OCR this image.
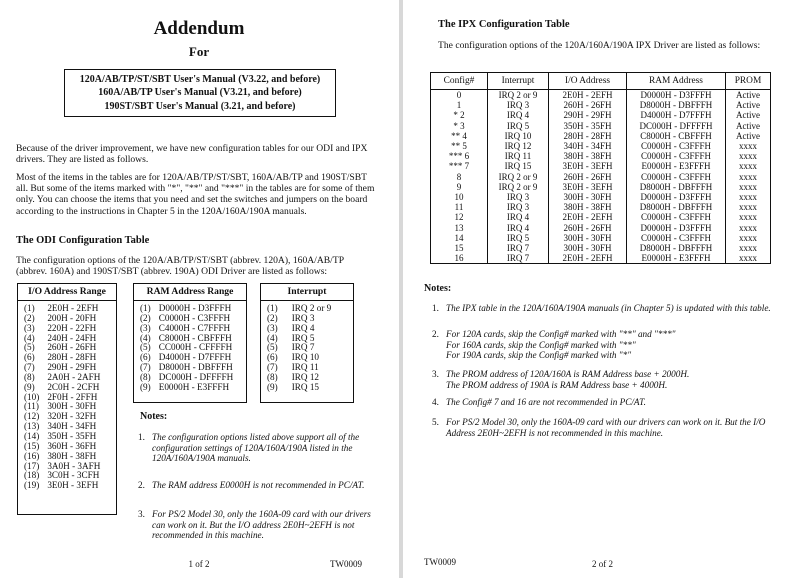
Addendum
For
120A/AB/TP/ST/SBT User's Manual (V3.22, and before)
160A/AB/TP User's Manual (V3.21, and before)
190ST/SBT User's Manual (3.21, and before)
Because of the driver improvement, we have new configuration tables for our ODI and IPX drivers. They are listed as follows.
Most of the items in the tables are for 120A/AB/TP/ST/SBT, 160A/AB/TP and 190ST/SBT all. But some of the items marked with "*", "**" and "***" in the tables are for some of them only. You can choose the items that you need and set the switches and jumpers on the board according to the instructions in Chapter 5 in the 120A/160A/190A manuals.
The ODI Configuration Table
The configuration options of the 120A/AB/TP/ST/SBT (abbrev. 120A), 160A/AB/TP (abbrev. 160A) and 190ST/SBT (abbrev. 190A) ODI Driver are listed as follows:
I/O Address Range
(1)	2E0H - 2EFH
(2)	200H - 20FH
(3)	220H - 22FH
(4)	240H - 24FH
(5)	260H - 26FH
(6)	280H - 28FH
(7)	290H - 29FH
(8)	2A0H - 2AFH
(9)	2C0H - 2CFH
(10)	2F0H - 2FFH
(11)	300H - 30FH
(12)	320H - 32FH
(13)	340H - 34FH
(14)	350H - 35FH
(15)	360H - 36FH
(16)	380H - 38FH
(17)	3A0H - 3AFH
(18)	3C0H - 3CFH
(19)	3E0H - 3EFH
RAM Address Range
(1)	D0000H - D3FFFH
(2)	C0000H - C3FFFH
(3)	C4000H - C7FFFH
(4)	C8000H - CBFFFH
(5)	CC000H - CFFFFH
(6)	D4000H - D7FFFH
(7)	D8000H - DBFFFH
(8)	DC000H - DFFFFH
(9)	E0000H - E3FFFH
Interrupt
(1)	IRQ 2 or 9
(2)	IRQ 3
(3)	IRQ 4
(4)	IRQ 5
(5)	IRQ 7
(6)	IRQ 10
(7)	IRQ 11
(8)	IRQ 12
(9)	IRQ 15
Notes:
1. The configuration options listed above support all of the configuration settings of 120A/160A/190A listed in the 120A/160A/190A manuals.
2. The RAM address E0000H is not recommended in PC/AT.
3. For PS/2 Model 30, only the 160A-09 card with our drivers can work on it. But the I/O address 2E0H~2EFH is not recommended in this machine.
1 of 2	TW0009
The IPX Configuration Table
The configuration options of the 120A/160A/190A IPX Driver are listed as follows:
Config#	Interrupt	I/O Address	RAM Address	PROM
0	IRQ 2 or 9	2E0H - 2EFH	D0000H - D3FFFH	Active
1	IRQ 3	260H - 26FH	D8000H - DBFFFH	Active
* 2	IRQ 4	290H - 29FH	D4000H - D7FFFH	Active
* 3	IRQ 5	350H - 35FH	DC000H - DFFFFH	Active
** 4	IRQ 10	280H - 28FH	C8000H - CBFFFH	Active
** 5	IRQ 12	340H - 34FH	C0000H - C3FFFH	xxxx
*** 6	IRQ 11	380H - 38FH	C0000H - C3FFFH	xxxx
*** 7	IRQ 15	3E0H - 3EFH	E0000H - E3FFFH	xxxx
8	IRQ 2 or 9	260H - 26FH	C0000H - C3FFFH	xxxx
9	IRQ 2 or 9	3E0H - 3EFH	D8000H - DBFFFH	xxxx
10	IRQ 3	300H - 30FH	D0000H - D3FFFH	xxxx
11	IRQ 3	380H - 38FH	D8000H - DBFFFH	xxxx
12	IRQ 4	2E0H - 2EFH	C0000H - C3FFFH	xxxx
13	IRQ 4	260H - 26FH	D0000H - D3FFFH	xxxx
14	IRQ 5	300H - 30FH	C0000H - C3FFFH	xxxx
15	IRQ 7	300H - 30FH	D8000H - DBFFFH	xxxx
16	IRQ 7	2E0H - 2EFH	E0000H - E3FFFH	xxxx
Notes:
1. The IPX table in the 120A/160A/190A manuals (in Chapter 5) is updated with this table.
2. For 120A cards, skip the Config# marked with "**" and "***"
For 160A cards, skip the Config# marked with "**"
For 190A cards, skip the Config# marked with "*"
3. The PROM address of 120A/160A is RAM Address base + 2000H.
The PROM address of 190A is RAM Address base + 4000H.
4. The Config# 7 and 16 are not recommended in PC/AT.
5. For PS/2 Model 30, only the 160A-09 card with our drivers can work on it. But the I/O Address 2E0H~2EFH is not recommended in this machine.
TW0009	2 of 2
